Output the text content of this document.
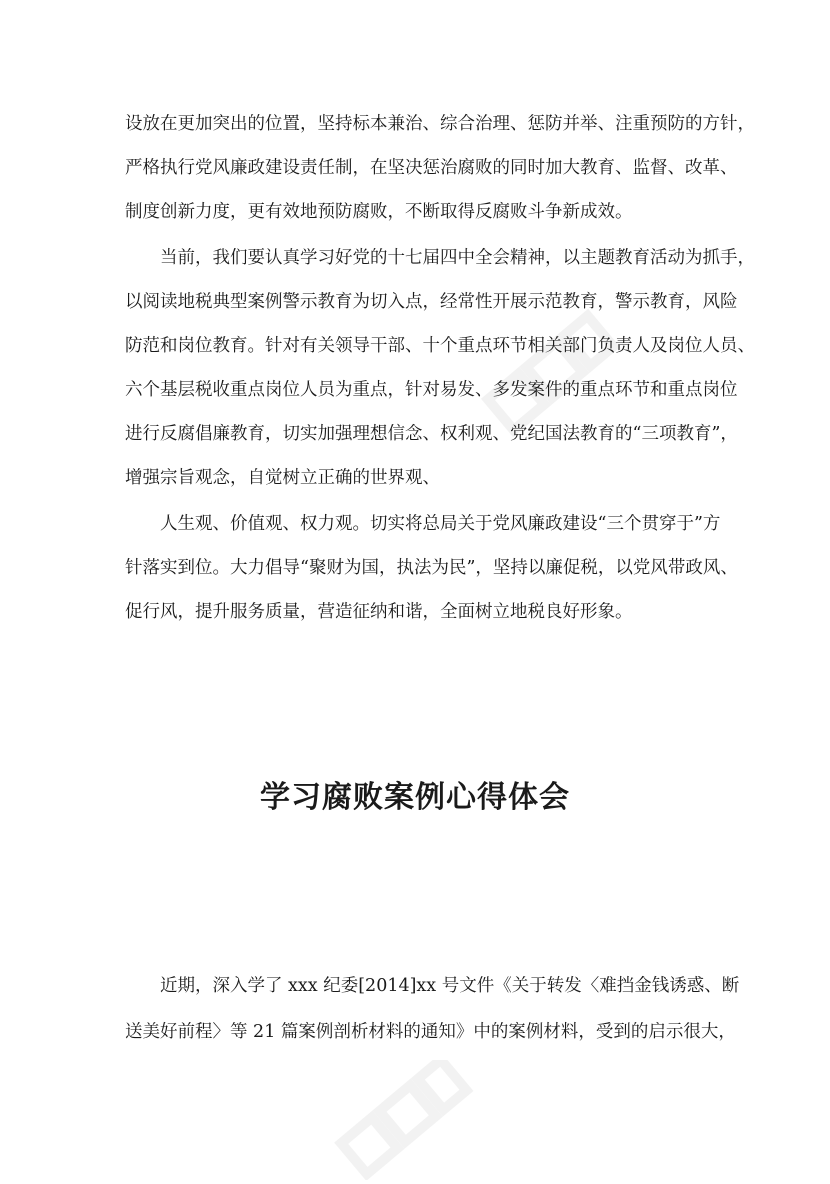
设放在更加突出的位置，坚持标本兼治、综合治理、惩防并举、注重预防的方针，
严格执行党风廉政建设责任制，在坚决惩治腐败的同时加大教育、监督、改革、
制度创新力度，更有效地预防腐败，不断取得反腐败斗争新成效。
当前，我们要认真学习好党的十七届四中全会精神，以主题教育活动为抓手，
以阅读地税典型案例警示教育为切入点，经常性开展示范教育，警示教育，风险
防范和岗位教育。针对有关领导干部、十个重点环节相关部门负责人及岗位人员、
六个基层税收重点岗位人员为重点，针对易发、多发案件的重点环节和重点岗位
进行反腐倡廉教育，切实加强理想信念、权利观、党纪国法教育的“三项教育”，
增强宗旨观念，自觉树立正确的世界观、
人生观、价值观、权力观。切实将总局关于党风廉政建设“三个贯穿于”方
针落实到位。大力倡导“聚财为国，执法为民”，坚持以廉促税，以党风带政风、
促行风，提升服务质量，营造征纳和谐，全面树立地税良好形象。
学习腐败案例心得体会
近期，深入学了 xxx 纪委[2014]xx 号文件《关于转发〈难挡金钱诱惑、断
送美好前程〉等 21 篇案例剖析材料的通知》中的案例材料，受到的启示很大，
